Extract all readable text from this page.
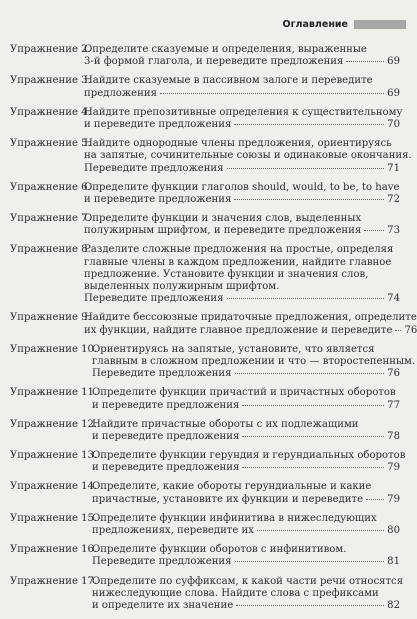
Оглавление
Упражнение 2.
Определите сказуемые и определения, выраженные
3-й формой глагола, и переведите предложения	69
Упражнение 3.
Найдите сказуемые в пассивном залоге и переведите
предложения	69
Упражнение 4.
Найдите препозитивные определения к существительному
и переведите предложения	70
Упражнение 5.
Найдите однородные члены предложения, ориентируясь
на запятые, сочинительные союзы и одинаковые окончания.
Переведите предложения	71
Упражнение 6.
Определите функции глаголов should, would, to be, to have
и переведите предложения	72
Упражнение 7.
Определите функции и значения слов, выделенных
полужирным шрифтом, и переведите предложения	73
Упражнение 8.
Разделите сложные предложения на простые, определяя
главные члены в каждом предложении, найдите главное
предложение. Установите функции и значения слов,
выделенных полужирным шрифтом.
Переведите предложения	74
Упражнение 9.
Найдите бессоюзные придаточные предложения, определите
их функции, найдите главное предложение и переведите 76
Упражнение 10.
Ориентируясь на запятые, установите, что является
главным в сложном предложении и что — второстепенным.
Переведите предложения	76
Упражнение 11.
Определите функции причастий и причастных оборотов
и переведите предложения	77
Упражнение 12.
Найдите причастные обороты с их подлежащими
и переведите предложения	78
Упражнение 13.
Определите функции герундия и герундиальных оборотов
и переведите предложения	79
Упражнение 14.
Определите, какие обороты герундиальные и какие
причастные, установите их функции и переведите 79
Упражнение 15.
Определите функции инфинитива в нижеследующих
предложениях, переведите их	80
Упражнение 16.
Определите функции оборотов с инфинитивом.
Переведите предложения	81
Упражнение 17.
Определите по суффиксам, к какой части речи относятся
нижеследующие слова. Найдите слова с префиксами
и определите их значение	82
